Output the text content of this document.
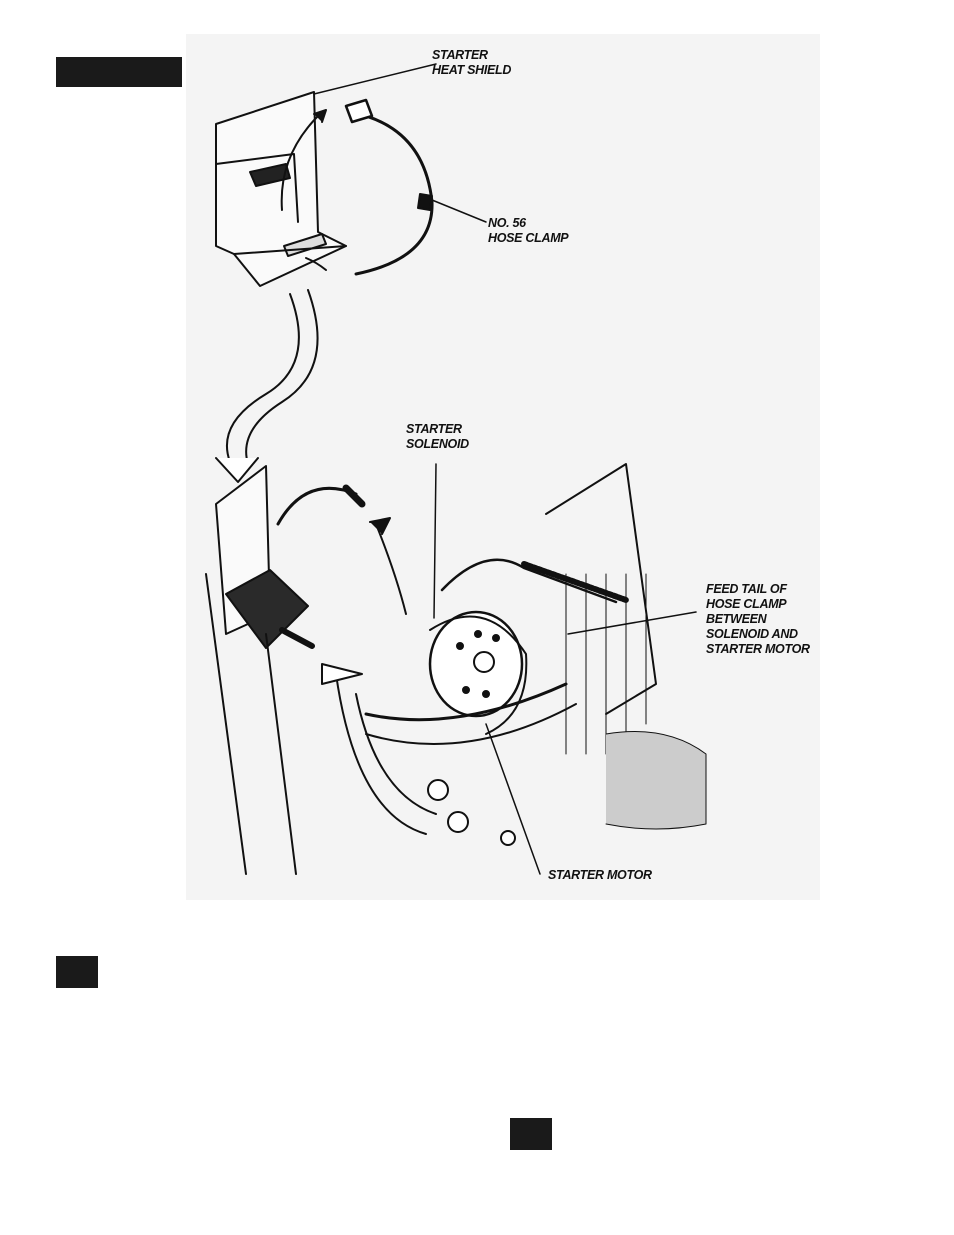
STARTER
HEAT SHIELD
NO. 56
HOSE CLAMP
STARTER
SOLENOID
FEED TAIL OF
HOSE CLAMP
BETWEEN
SOLENOID AND
STARTER MOTOR
STARTER MOTOR
